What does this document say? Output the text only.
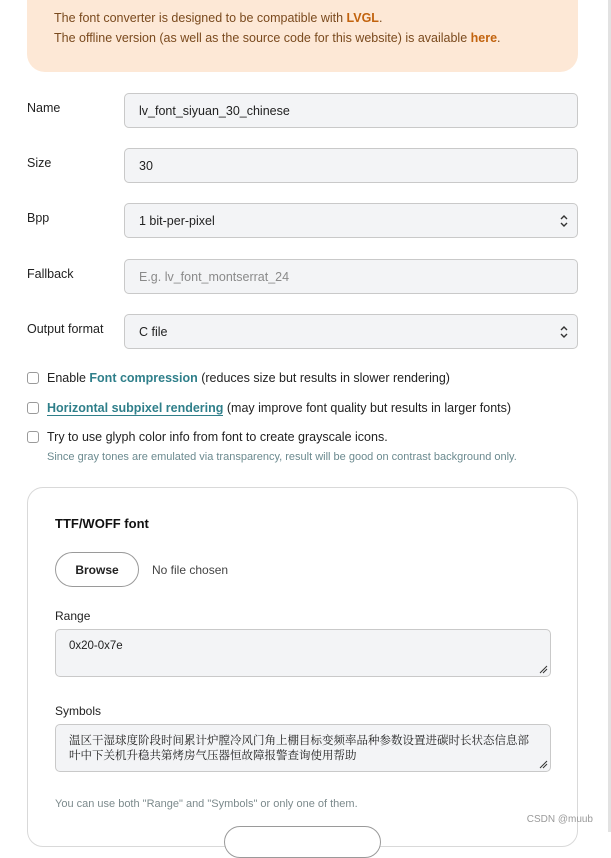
The font converter is designed to be compatible with LVGL.
The offline version (as well as the source code for this website) is available here.
Name
lv_font_siyuan_30_chinese
Size
30
Bpp	1 bit-per-pixel
Fallback
E.g. lv_font_montserrat_24
Output format	C file
Enable Font compression (reduces size but results in slower rendering)
Horizontal subpixel rendering (may improve font quality but results in larger fonts)
Try to use glyph color info from font to create grayscale icons.
Since gray tones are emulated via transparency, result will be good on contrast background only.
TTF/WOFF font
Browse	No file chosen
Range
0x20-0x7e
Symbols
温区干湿球度阶段时间累计炉膛冷风门角上棚目标变频率品种参数设置进碳时长状态信息部叶中下关机升稳共第烤房气压器恒故障报警查询使用帮助
You can use both "Range" and "Symbols" or only one of them.
CSDN @muub
